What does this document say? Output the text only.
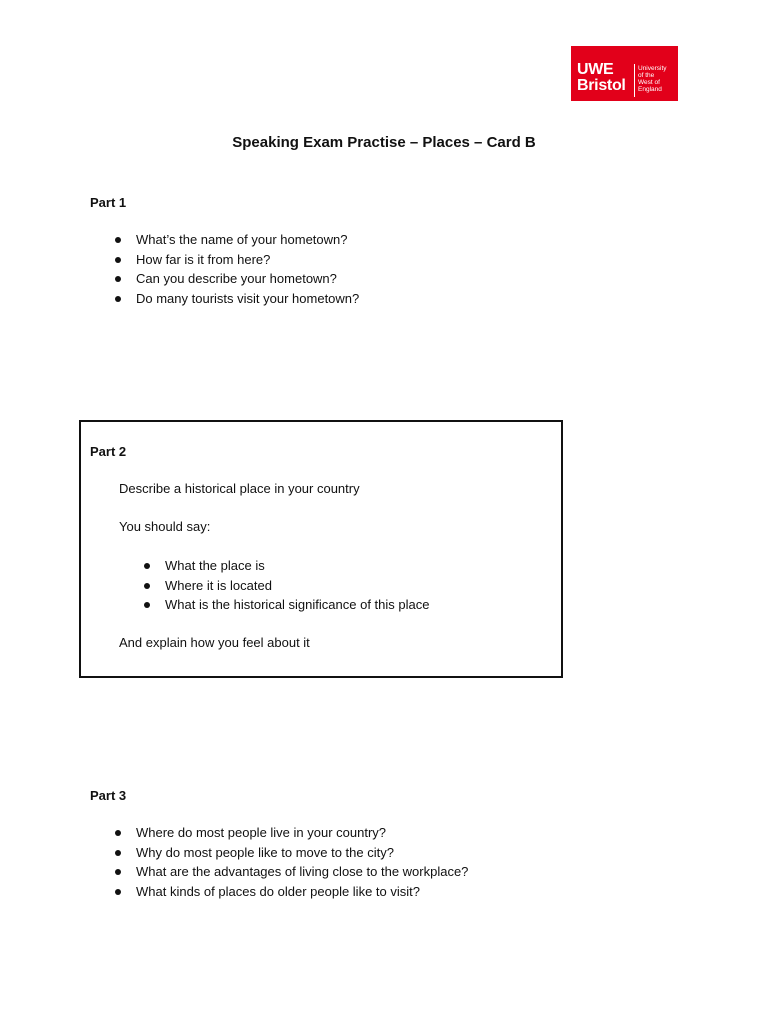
UWE
Bristol
University
of the
West of
England
Speaking Exam Practise – Places – Card B
Part 1
What’s the name of your hometown?
How far is it from here?
Can you describe your hometown?
Do many tourists visit your hometown?
Part 2
Describe a historical place in your country
You should say:
What the place is
Where it is located
What is the historical significance of this place
And explain how you feel about it
Part 3
Where do most people live in your country?
Why do most people like to move to the city?
What are the advantages of living close to the workplace?
What kinds of places do older people like to visit?
